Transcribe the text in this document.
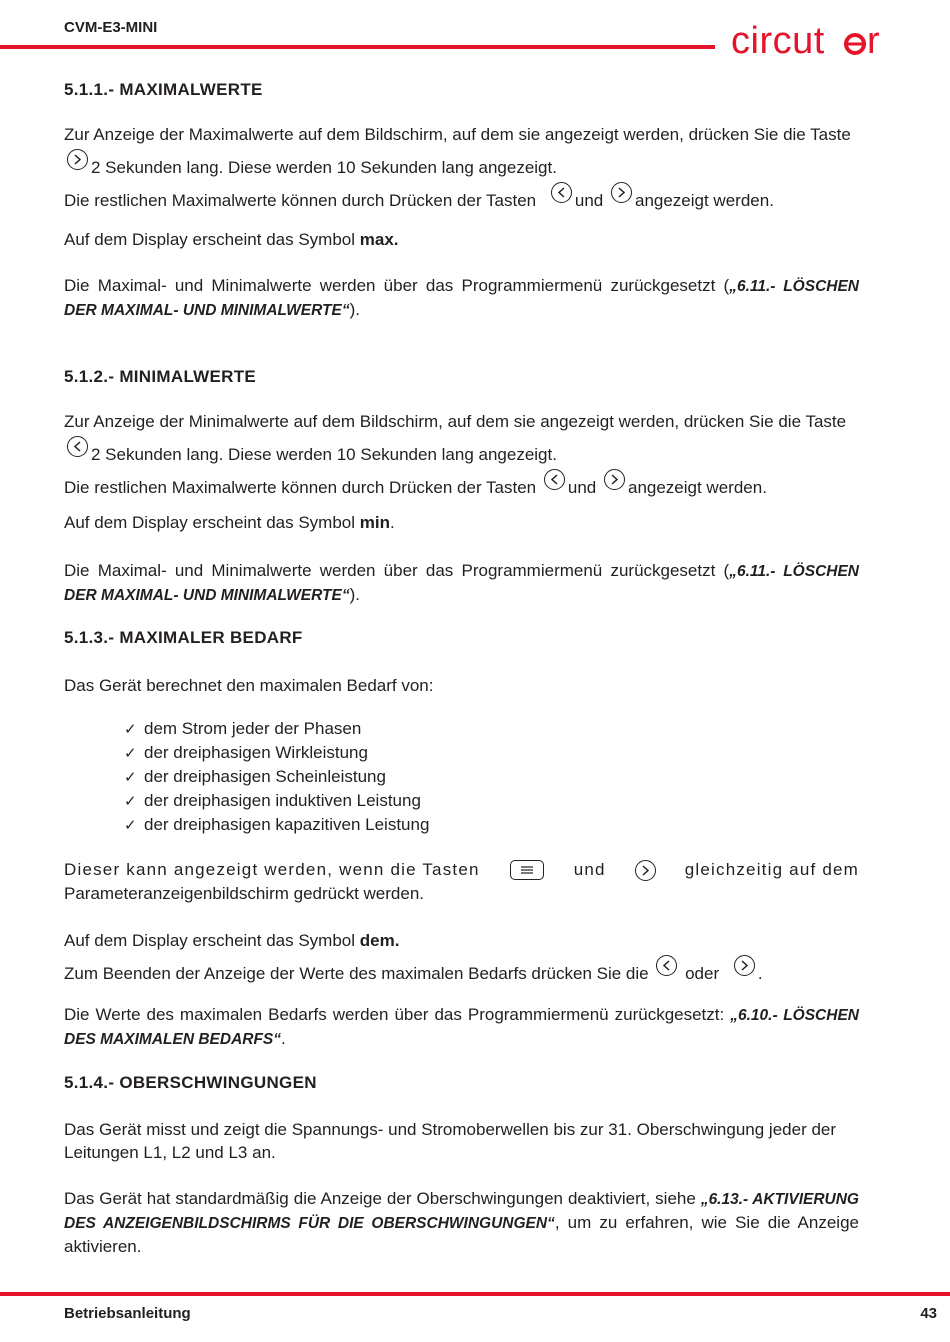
CVM-E3-MINI	circut r
5.1.1.- MAXIMALWERTE

Zur Anzeige der Maximalwerte auf dem Bildschirm, auf dem sie angezeigt werden, drücken Sie die Taste
2 Sekunden lang. Diese werden 10 Sekunden lang angezeigt.
Die restlichen Maximalwerte können durch Drücken der Tasten und angezeigt werden.

Auf dem Display erscheint das Symbol max.

Die Maximal- und Minimalwerte werden über das Programmiermenü zurückgesetzt („6.11.- LÖSCHEN DER MAXIMAL- UND MINIMALWERTE“).

5.1.2.- MINIMALWERTE

Zur Anzeige der Minimalwerte auf dem Bildschirm, auf dem sie angezeigt werden, drücken Sie die Taste
2 Sekunden lang. Diese werden 10 Sekunden lang angezeigt.
Die restlichen Maximalwerte können durch Drücken der Tasten und angezeigt werden.

Auf dem Display erscheint das Symbol min.

Die Maximal- und Minimalwerte werden über das Programmiermenü zurückgesetzt („6.11.- LÖSCHEN DER MAXIMAL- UND MINIMALWERTE“).

5.1.3.- MAXIMALER BEDARF

Das Gerät berechnet den maximalen Bedarf von:

✓ dem Strom jeder der Phasen
✓ der dreiphasigen Wirkleistung
✓ der dreiphasigen Scheinleistung
✓ der dreiphasigen induktiven Leistung
✓ der dreiphasigen kapazitiven Leistung

Dieser kann angezeigt werden, wenn die Tasten	und	gleichzeitig auf dem
Parameteranzeigenbildschirm gedrückt werden.

Auf dem Display erscheint das Symbol dem.
Zum Beenden der Anzeige der Werte des maximalen Bedarfs drücken Sie die oder .

Die Werte des maximalen Bedarfs werden über das Programmiermenü zurückgesetzt: „6.10.- LÖSCHEN DES MAXIMALEN BEDARFS“.

5.1.4.- OBERSCHWINGUNGEN

Das Gerät misst und zeigt die Spannungs- und Stromoberwellen bis zur 31. Oberschwingung jeder der Leitungen L1, L2 und L3 an.

Das Gerät hat standardmäßig die Anzeige der Oberschwingungen deaktiviert, siehe „6.13.- AKTIVIERUNG DES ANZEIGENBILDSCHIRMS FÜR DIE OBERSCHWINGUNGEN“, um zu erfahren, wie Sie die Anzeige aktivieren.

Betriebsanleitung	43
